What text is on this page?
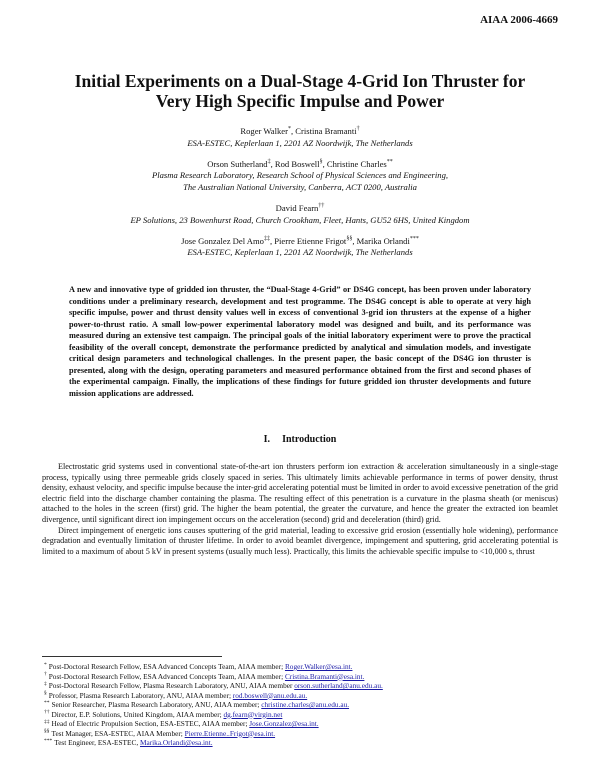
AIAA 2006-4669
Initial Experiments on a Dual-Stage 4-Grid Ion Thruster for
Very High Specific Impulse and Power
Roger Walker*, Cristina Bramanti†
ESA-ESTEC, Keplerlaan 1, 2201 AZ Noordwijk, The Netherlands
Orson Sutherland‡, Rod Boswell§, Christine Charles**
Plasma Research Laboratory, Research School of Physical Sciences and Engineering,
The Australian National University, Canberra, ACT 0200, Australia
David Fearn††
EP Solutions, 23 Bowenhurst Road, Church Crookham, Fleet, Hants, GU52 6HS, United Kingdom
Jose Gonzalez Del Amo‡‡, Pierre Etienne Frigot§§, Marika Orlandi***
ESA-ESTEC, Keplerlaan 1, 2201 AZ Noordwijk, The Netherlands
A new and innovative type of gridded ion thruster, the “Dual-Stage 4-Grid” or DS4G concept, has been proven under laboratory conditions under a preliminary research, development and test programme. The DS4G concept is able to operate at very high specific impulse, power and thrust density values well in excess of conventional 3-grid ion thrusters at the expense of a higher power-to-thrust ratio. A small low-power experimental laboratory model was designed and built, and its performance was measured during an extensive test campaign. The principal goals of the initial laboratory experiment were to prove the practical feasibility of the overall concept, demonstrate the performance predicted by analytical and simulation models, and investigate critical design parameters and technological challenges. In the present paper, the basic concept of the DS4G ion thruster is presented, along with the design, operating parameters and measured performance obtained from the first and second phases of the experimental campaign. Finally, the implications of these findings for future gridded ion thruster developments and future mission applications are addressed.
I. Introduction

Electrostatic grid systems used in conventional state-of-the-art ion thrusters perform ion extraction & acceleration simultaneously in a single-stage process, typically using three permeable grids closely spaced in series. This ultimately limits achievable performance in terms of power density, thrust density, exhaust velocity, and specific impulse because the inter-grid accelerating potential must be limited in order to avoid excessive penetration of the grid electric field into the discharge chamber containing the plasma. The resulting effect of this penetration is a curvature in the plasma sheath (or meniscus) attached to the holes in the screen (first) grid. The higher the beam potential, the greater the curvature, and hence the greater the extracted ion beamlet divergence, until significant direct ion impingement occurs on the acceleration (second) grid and deceleration (third) grid.

Direct impingement of energetic ions causes sputtering of the grid material, leading to excessive grid erosion (essentially hole widening), performance degradation and eventually limitation of thruster lifetime. In order to avoid beamlet divergence, impingement and sputtering, grid accelerating potential is limited to a maximum of about 5 kV in present systems (usually much less). Practically, this limits the achievable specific impulse to <10,000 s, thrust

* Post-Doctoral Research Fellow, ESA Advanced Concepts Team, AIAA member; Roger.Walker@esa.int.
† Post-Doctoral Research Fellow, ESA Advanced Concepts Team, AIAA member; Cristina.Bramanti@esa.int.
‡ Post-Doctoral Research Fellow, Plasma Research Laboratory, ANU, AIAA member orson.sutherland@anu.edu.au.
§ Professor, Plasma Research Laboratory, ANU, AIAA member; rod.boswell@anu.edu.au.
** Senior Researcher, Plasma Research Laboratory, ANU, AIAA member; christine.charles@anu.edu.au.
†† Director, E.P. Solutions, United Kingdom, AIAA member; dg.fearn@virgin.net
‡‡ Head of Electric Propulsion Section, ESA-ESTEC, AIAA member; Jose.Gonzalez@esa.int.
§§ Test Manager, ESA-ESTEC, AIAA Member; Pierre.Etienne..Frigot@esa.int.
*** Test Engineer, ESA-ESTEC, Marika.Orlandi@esa.int.
